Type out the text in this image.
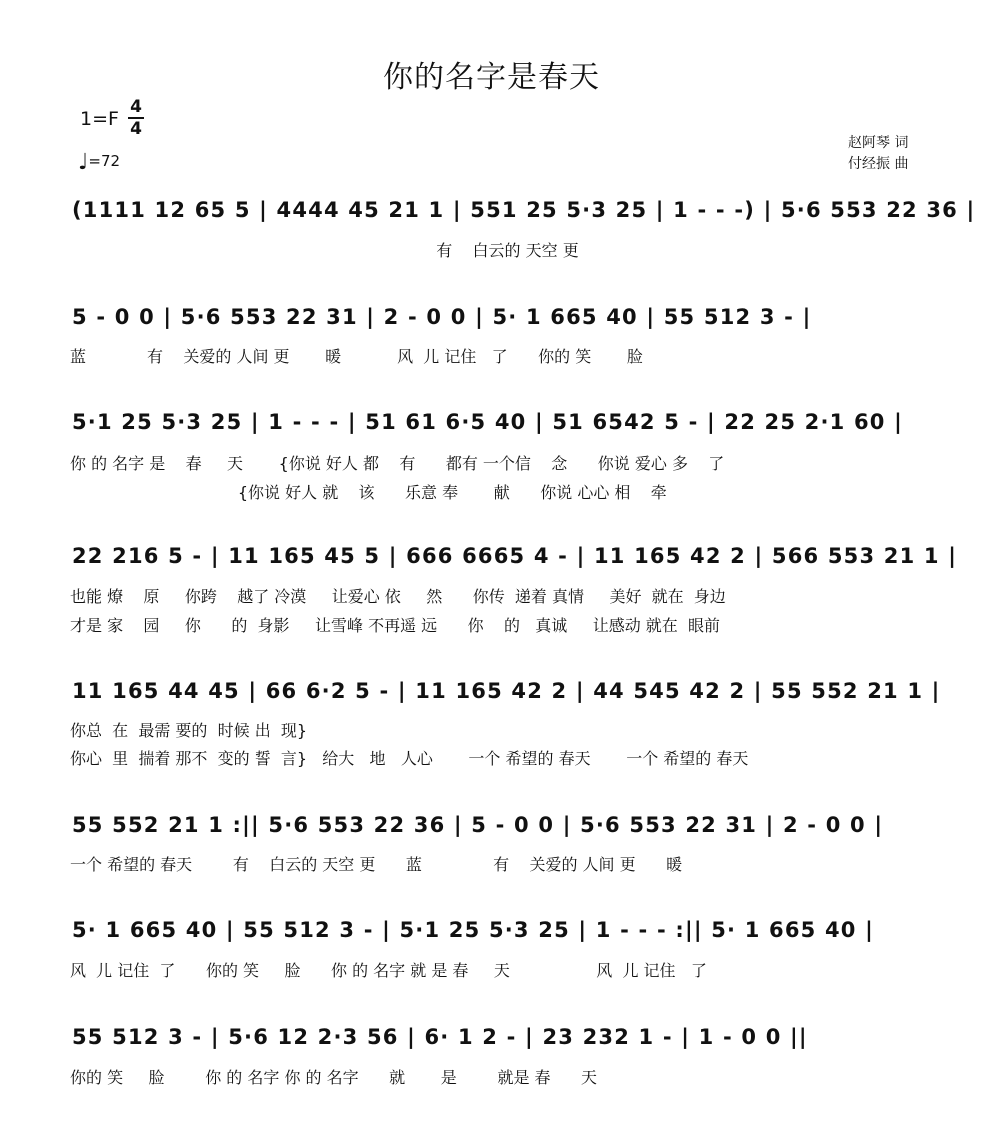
你的名字是春天
1=F
4
4
♩=72
赵阿琴 词
付经振 曲
(1111 12 65 5 | 4444 45 21 1 | 551 25 5·3 25 | 1 - - -) | 5·6 553 22 36 |
有    白云的 天空 更
5 - 0 0 | 5·6 553 22 31 | 2 - 0 0 | 5· 1 665 40 | 55 512 3 - |
蓝            有    关爱的 人间 更       暖           风  儿 记住   了      你的 笑       脸
5·1 25 5·3 25 | 1 - - - | 51 61 6·5 40 | 51 6542 5 - | 22 25 2·1 60 |
你 的 名字 是    春     天       {你说 好人 都    有      都有 一个信    念      你说 爱心 多    了
{你说 好人 就    该      乐意 奉       献      你说 心心 相    牵
22 216 5 - | 11 165 45 5 | 666 6665 4 - | 11 165 42 2 | 566 553 21 1 |
也能 燎    原     你跨    越了 冷漠     让爱心 依     然      你传  递着 真情     美好  就在  身边
才是 家    园     你      的  身影     让雪峰 不再遥 远      你    的   真诚     让感动 就在  眼前
11 165 44 45 | 66 6·2 5 - | 11 165 42 2 | 44 545 42 2 | 55 552 21 1 |
你总  在  最需 要的  时候 出  现}
你心  里  揣着 那不  变的 誓  言}   给大   地   人心       一个 希望的 春天       一个 希望的 春天
55 552 21 1 :|| 5·6 553 22 36 | 5 - 0 0 | 5·6 553 22 31 | 2 - 0 0 |
一个 希望的 春天        有    白云的 天空 更      蓝              有    关爱的 人间 更      暖
5· 1 665 40 | 55 512 3 - | 5·1 25 5·3 25 | 1 - - - :|| 5· 1 665 40 |
风  儿 记住  了      你的 笑     脸      你 的 名字 就 是 春     天                 风  儿 记住   了
55 512 3 - | 5·6 12 2·3 56 | 6· 1 2 - | 23 232 1 - | 1 - 0 0 ||
你的 笑     脸        你 的 名字 你 的 名字      就       是        就是 春      天
